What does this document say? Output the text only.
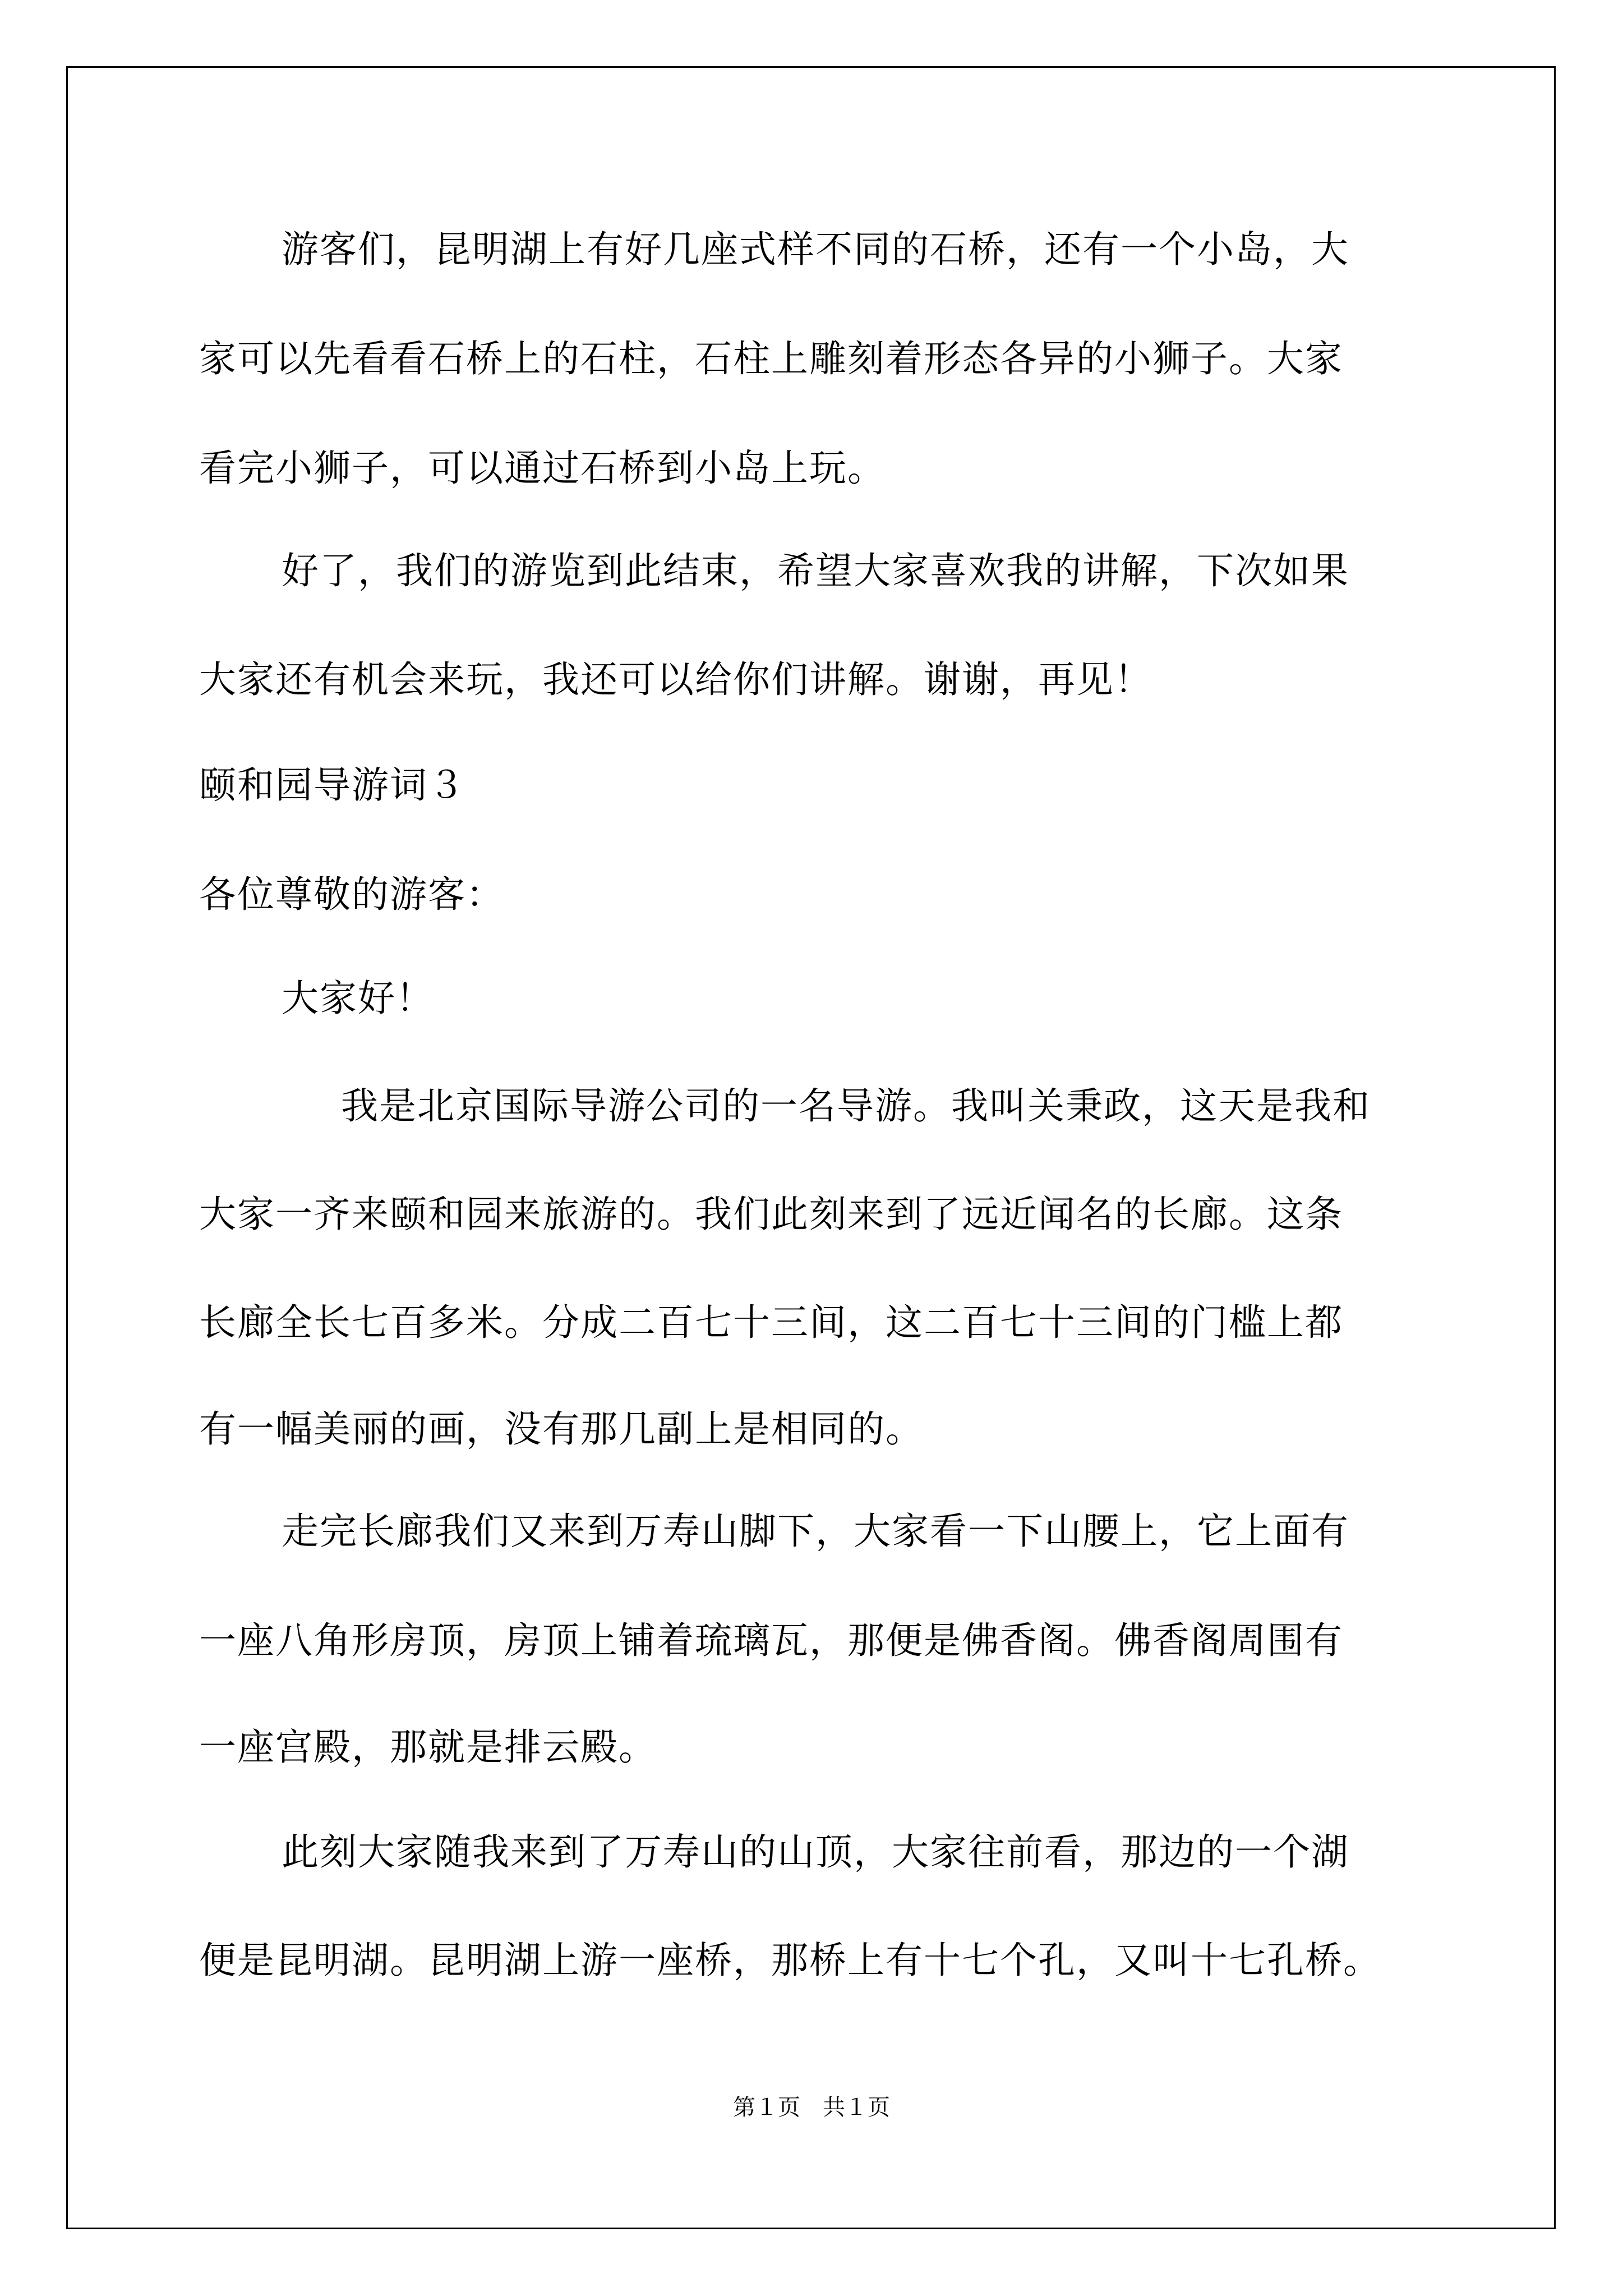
游客们，昆明湖上有好几座式样不同的石桥，还有一个小岛，大
家可以先看看石桥上的石柱，石柱上雕刻着形态各异的小狮子。大家
看完小狮子，可以通过石桥到小岛上玩。
好了，我们的游览到此结束，希望大家喜欢我的讲解，下次如果
大家还有机会来玩，我还可以给你们讲解。谢谢，再见！
颐和园导游词３
各位尊敬的游客：
大家好！
我是北京国际导游公司的一名导游。我叫关秉政，这天是我和
大家一齐来颐和园来旅游的。我们此刻来到了远近闻名的长廊。这条
长廊全长七百多米。分成二百七十三间，这二百七十三间的门槛上都
有一幅美丽的画，没有那几副上是相同的。
走完长廊我们又来到万寿山脚下，大家看一下山腰上，它上面有
一座八角形房顶，房顶上铺着琉璃瓦，那便是佛香阁。佛香阁周围有
一座宫殿，那就是排云殿。
此刻大家随我来到了万寿山的山顶，大家往前看，那边的一个湖
便是昆明湖。昆明湖上游一座桥，那桥上有十七个孔，又叫十七孔桥。
第１页　共１页
